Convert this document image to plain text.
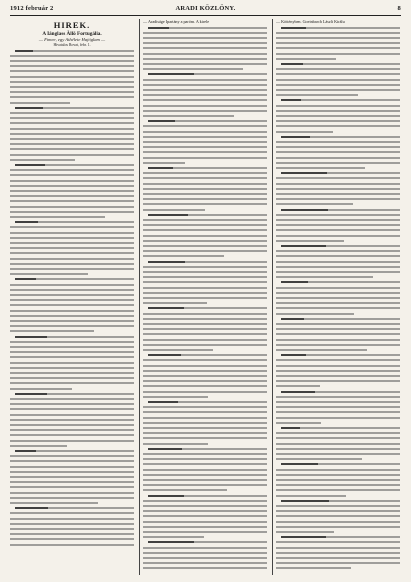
1912 február 2	ARADI KÖZLÖNY.	8
HIREK.
A Iánglass Ällö Fortugália.
— Fimee, egy Athélete Hajóglam —
Hivatalos Rovat, febr. 1.
— Aradiságe Ipartány a paróm. A kirele	— Köttényben. Goeinbarch Lászlt Királu
